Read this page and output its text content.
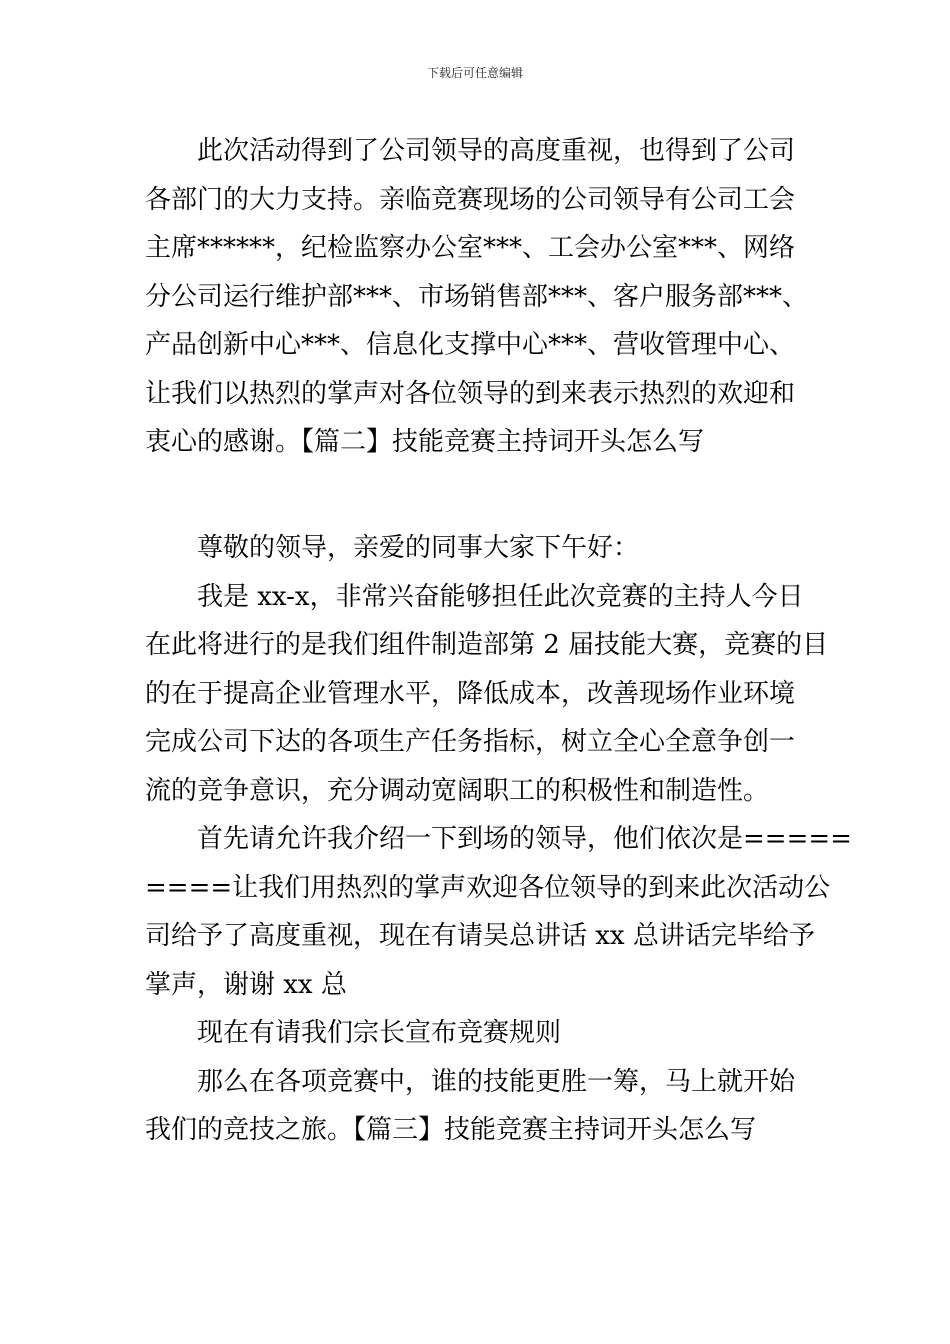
下载后可任意编辑

此次活动得到了公司领导的高度重视，也得到了公司

各部门的大力支持。亲临竞赛现场的公司领导有公司工会

主席******，纪检监察办公室***、工会办公室***、网络

分公司运行维护部***、市场销售部***、客户服务部***、

产品创新中心***、信息化支撑中心***、营收管理中心、

让我们以热烈的掌声对各位领导的到来表示热烈的欢迎和

衷心的感谢。【篇二】技能竞赛主持词开头怎么写

尊敬的领导，亲爱的同事大家下午好：

我是 xx-x，非常兴奋能够担任此次竞赛的主持人今日

在此将进行的是我们组件制造部第 2 届技能大赛，竞赛的目

的在于提高企业管理水平，降低成本，改善现场作业环境

完成公司下达的各项生产任务指标，树立全心全意争创一

流的竞争意识，充分调动宽阔职工的积极性和制造性。

首先请允许我介绍一下到场的领导，他们依次是=====

====让我们用热烈的掌声欢迎各位领导的到来此次活动公

司给予了高度重视，现在有请吴总讲话 xx 总讲话完毕给予

掌声，谢谢 xx 总

现在有请我们宗长宣布竞赛规则

那么在各项竞赛中，谁的技能更胜一筹，马上就开始

我们的竞技之旅。【篇三】技能竞赛主持词开头怎么写
